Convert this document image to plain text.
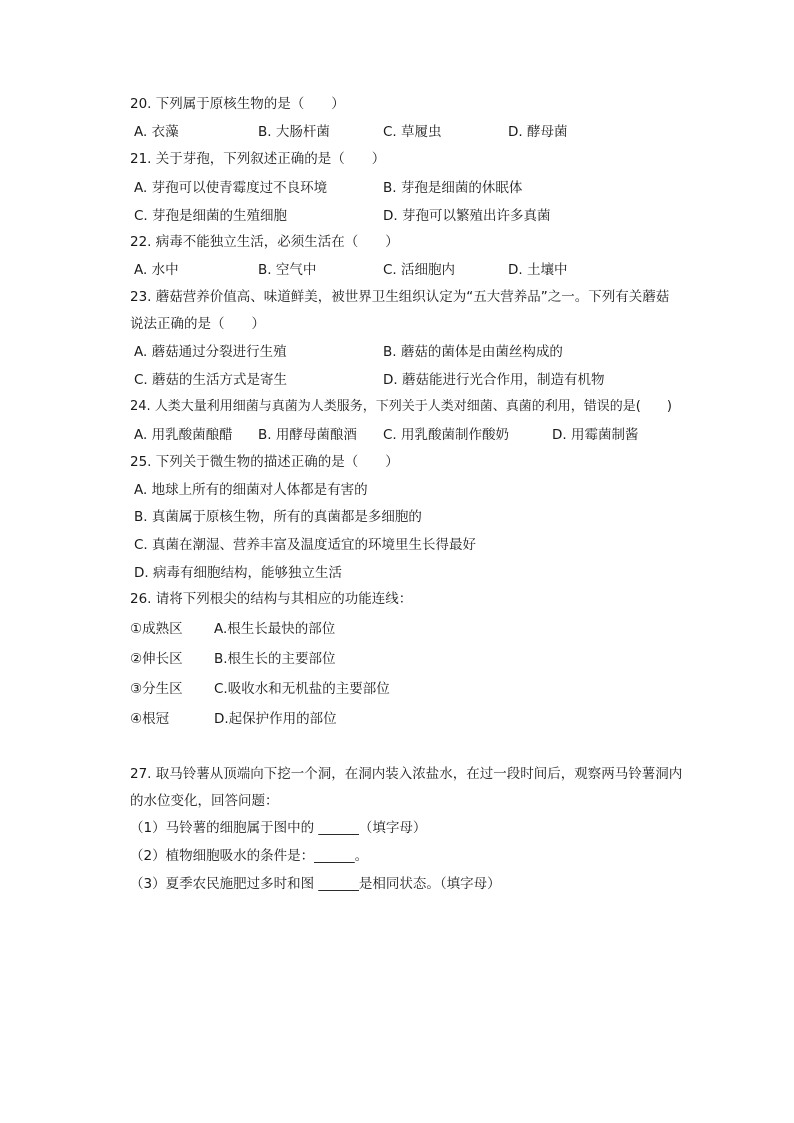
20. 下列属于原核生物的是（　　）
A. 衣藻	B. 大肠杆菌	C. 草履虫	D. 酵母菌
21. 关于芽孢，下列叙述正确的是（　　）
A. 芽孢可以使青霉度过不良环境	B. 芽孢是细菌的休眠体
C. 芽孢是细菌的生殖细胞	D. 芽孢可以繁殖出许多真菌
22. 病毒不能独立生活，必须生活在（　　）
A. 水中	B. 空气中	C. 活细胞内	D. 土壤中
23. 蘑菇营养价值高、味道鲜美，被世界卫生组织认定为“五大营养品”之一。下列有关蘑菇
说法正确的是（　　）
A. 蘑菇通过分裂进行生殖	B. 蘑菇的菌体是由菌丝构成的
C. 蘑菇的生活方式是寄生	D. 蘑菇能进行光合作用，制造有机物
24. 人类大量利用细菌与真菌为人类服务，下列关于人类对细菌、真菌的利用，错误的是(　　)
A. 用乳酸菌酿醋 B. 用酵母菌酿酒 C. 用乳酸菌制作酸奶	D. 用霉菌制酱
25. 下列关于微生物的描述正确的是（　　）
A. 地球上所有的细菌对人体都是有害的
B. 真菌属于原核生物，所有的真菌都是多细胞的
C. 真菌在潮湿、营养丰富及温度适宜的环境里生长得最好
D. 病毒有细胞结构，能够独立生活
26. 请将下列根尖的结构与其相应的功能连线：
①成熟区 A.根生长最快的部位
②伸长区 B.根生长的主要部位
③分生区 C.吸收水和无机盐的主要部位
④根冠	D.起保护作用的部位
27. 取马铃薯从顶端向下挖一个洞，在洞内装入浓盐水，在过一段时间后，观察两马铃薯洞内
的水位变化，回答问题：
（1）马铃薯的细胞属于图中的 ______（填字母）
（2）植物细胞吸水的条件是：______。
（3）夏季农民施肥过多时和图 ______是相同状态。（填字母）
